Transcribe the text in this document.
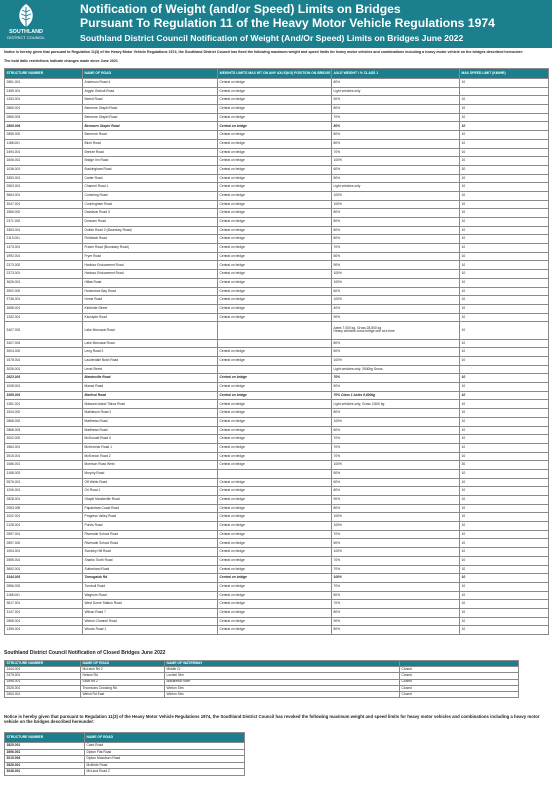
SOUTHLAND
DISTRICT COUNCIL
Notification of Weight (and/or Speed) Limits on Bridges
Pursuant To Regulation 11 of the Heavy Motor Vehicle Regulations 1974
Southland District Council Notification of Weight (And/Or Speed) Limits on Bridges June 2022
Notice is hereby given that pursuant to Regulation 11(3) of the Heavy Motor Vehicle Regulations 1974, the Southland District Council has fixed the following maximum weight and speed limits for heavy motor vehicles and combinations including a heavy motor vehicle on the bridges described hereunder:
The bold italic restrictions indicate changes made since June 2021
STRUCTURE NUMBER	NAME OF ROAD	WEIGHTS LIMITS MAX WT ON ANY AXLE(KG) POSITION ON BRIDGE	AXLE WEIGHT / % CLASS 1	MAX SPEED LIMIT (KM/HR)
2861.001	Anderson Road 4	Central on bridge	80%	10
2459.001	Argyle Otahuti Road	Central on bridge	Light vehicles only	
1253.001	Bedvit Road	Central on bridge	50%	10
2865.001	Benmore Otapiri Road	Central on bridge	80%	10
2865.003	Benmore Otapiri Road	Central on bridge	70%	10
2865.004	Benmore Otapiri Road	Central on bridge	80%	10
2895.002	Benmore Road	Central on bridge	80%	10
1186.001	Birch Road	Central on bridge	80%	10
2494.001	Breeze Road	Central on bridge	70%	10
1606.001	Bridge Inn Road	Central on bridge	100%	10
1036.001	Buckingham Road	Central on bridge	60%	30
3353.001	Carter Road	Central on bridge	50%	10
2563.001	Channel Road 1	Central on bridge	Light vehicles only	10
3654.001	Cumming Road	Central on bridge	100%	10
3047.001	Cunningham Road	Central on bridge	100%	10
1565.002	Davidson Road 3	Central on bridge	80%	10
2371.002	Duncarn Road	Central on bridge	80%	10
3363.001	Duthie Road 2 (Boundary Road)	Central on bridge	80%	10
2113.001	Fieldwick Road	Central on bridge	80%	10
1373.001	Frazer Road (Boundary Road)	Central on bridge	70%	10
1992.001	Fryer Road	Central on bridge	80%	10
2373.002	Harbour Endowment Road	Central on bridge	90%	10
2373.001	Harbour Endowment Road	Central on bridge	100%	10
3626.001	Hillas Road	Central on bridge	100%	10
3902.002	Horseshoe Bay Road	Central on bridge	60%	10
3736.001	Hume Road	Central on bridge	100%	10
1658.001	Kirkbride Street	Central on bridge	40%	10
1332.001	Klondyke Road	Central on bridge	90%	10
3407.002	Lake Monowai Road		Axles 7,000 kg, Gross 28,500 kg
Heavy vehicles cross bridge one at a time	10
3407.004	Lake Monowai Road		80%	10
3004.002	Leng Road 2	Central on bridge	50%	10
1578.001	Lauderdale Bush Road	Central on bridge	100%	10
3026.001	Level Street		Light vehicles only, 3000kg Gross	
2623.001	Mandeville Road	Central on bridge	70%	10
1008.001	Manse Road	Central on bridge	50%	10
1065.001	Marlival Road	Central on bridge	70% Class 1 Axles 6,600kg	10
1281.001	Mataura Island Titiroa Road	Central on bridge	Light vehicles only, Gross 3,500 kg	10
1534.002	Mathieson Road 2	Central on bridge	80%	10
2868.002	Matthews Road	Central on bridge	100%	10
2868.003	Matthews Road	Central on bridge	60%	10
3002.002	McDonald Road 4	Central on bridge	70%	10
1584.001	McKerchar Road 1	Central on bridge	70%	10
2515.001	McKinnon Road 2	Central on bridge	70%	10
1086.001	Morrison Road West	Central on bridge	100%	30
3158.002	Murphy Road		50%	10
9576.001	Off Webb Road	Central on bridge	60%	10
1206.001	Ori Road 1	Central on bridge	80%	10
2828.001	Otapiri Mandeville Road	Central on bridge	90%	10
2053.005	Papatotara Coast Road	Central on bridge	80%	10
1002.001	Progress Valley Road	Central on bridge	100%	10
2128.001	Purvis Road	Central on bridge	100%	10
2897.001	Riverside School Road	Central on bridge	70%	10
2897.002	Riverside School Road	Central on bridge	50%	10
1054.001	Scrubby Hill Road	Central on bridge	100%	10
2555.001	Sharks Tooth Road	Central on bridge	70%	10
3652.001	Sutherland Road	Central on bridge	70%	10
3144.001	Tomogalak Rd	Central on bridge	100%	10
2856.002	Turnbull Road	Central on bridge	70%	10
1168.001	Waghorn Road	Central on bridge	50%	10
3617.001	West Dome Station Road	Central on bridge	70%	10
3147.001	Wilson Road 7	Central on bridge	80%	10
2858.001	Winton Channel Road	Central on bridge	90%	10
1355.001	Woods Road 1	Central on bridge	80%	10
Southland District Council Notification of Closed Bridges June 2022
STRUCTURE NUMBER	NAME OF ROAD	NAME OF WATERWAY	
2444.001	McLeish Rd 2	Middle Cr	Closed
2475.001	Nelson Rd	Lochiel Stm	Closed
2596.001	Scott Rd 2	Makarewa River	Closed
2526.001	Thomsons Crossing Rd	Winton Stm	Closed
2654.001	Welsh Rd East	Winton Stm	Closed
Notice is hereby given that pursuant to Regulation 11(3) of the Heavy Motor Vehicle Regulations 1974, the Southland District Council has revoked the following maximum weight and speed limits for heavy motor vehicles and combinations including a heavy motor vehicle on the bridges described hereunder:
STRUCTURE NUMBER	NAME OF ROAD
2825.001	Caird Road
2896.001	Dipton Flat Road
3015.004	Dipton Mossburn Road
2826.001	McBride Road
3048.001	McLeod Road 2
